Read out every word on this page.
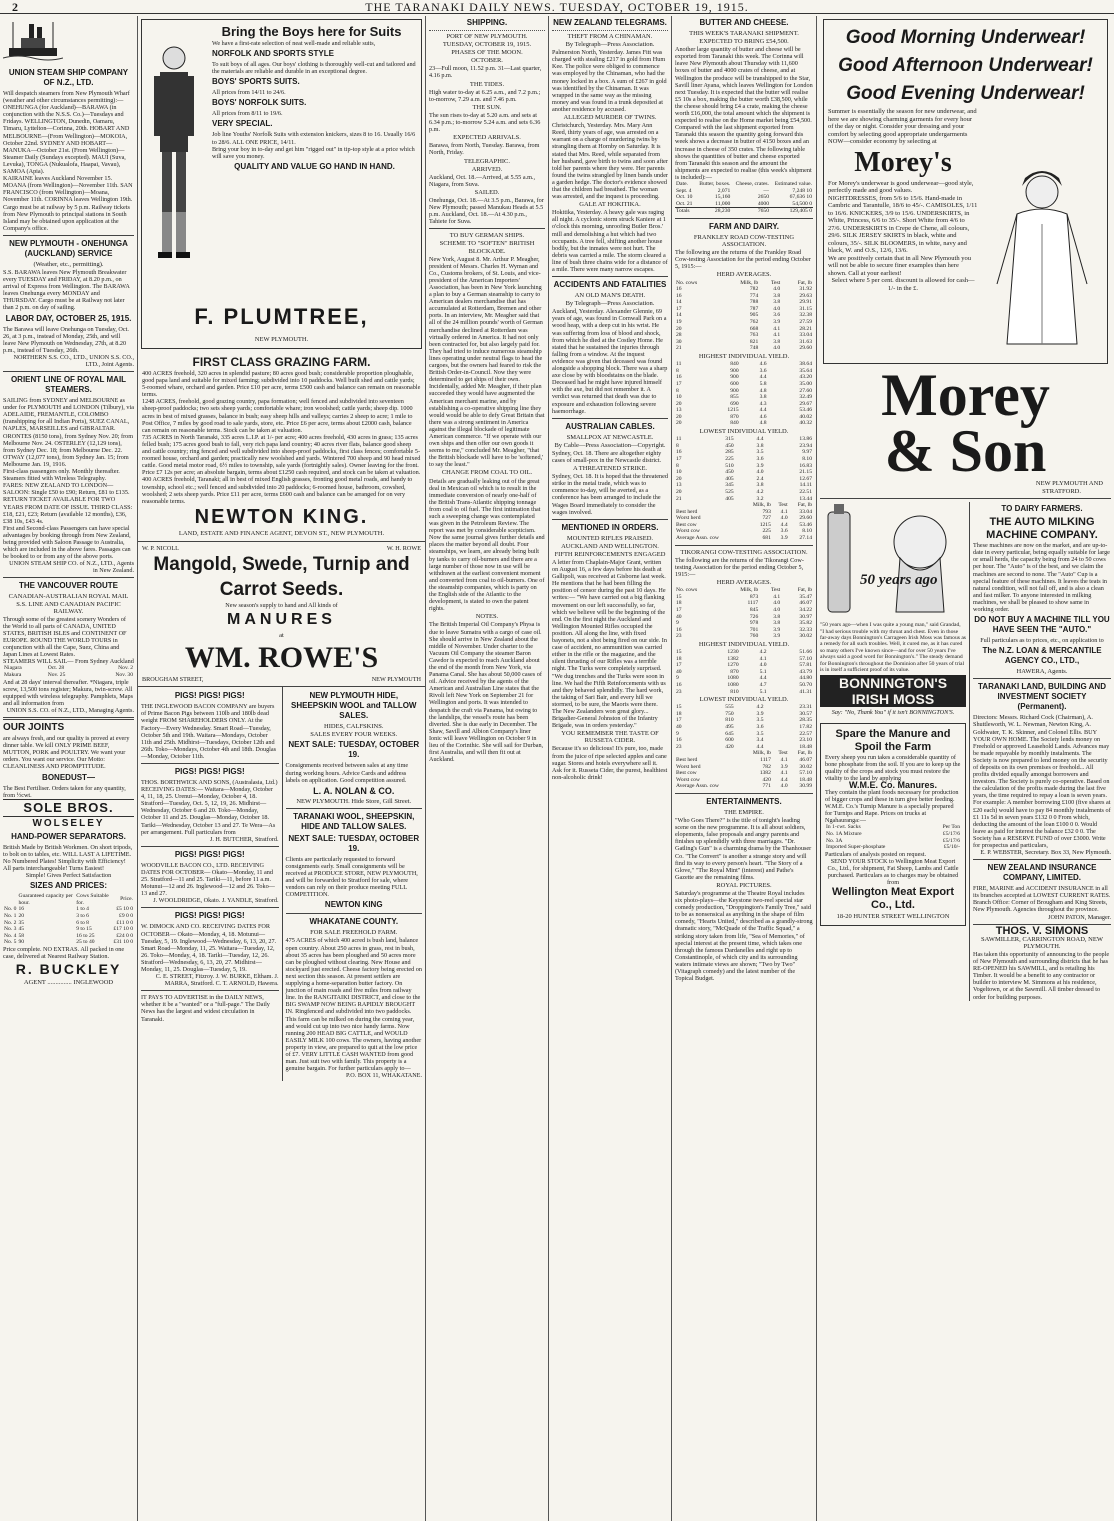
2	THE TARANAKI DAILY NEWS. TUESDAY, OCTOBER 19, 1915.
UNION STEAM SHIP COMPANY OF N.Z., LTD.

Will despatch steamers from New Plymouth Wharf (weather and other circumstances permitting):—

ONEHUNGA (for Auckland)—BARAWA (in conjunction with the N.S.S. Co.)—Tuesdays and Fridays. WELLINGTON, Dunedin, Oamaru, Timaru, Lyttelton—Corinna, 20th. HOBART AND MELBOURNE—(From Wellington)—MOKOIA, October 22nd. SYDNEY AND HOBART—MANUKA—October 21st. (From Wellington)—Steamer Daily (Sundays excepted). MAUI (Suva, Levuka), TONGA (Nukualofa, Haapai, Vavau), SAMOA (Apia).

KAIRAINE leaves Auckland November 15. MOANA (from Wellington)—November 11th. SAN FRANCISCO (from Wellington)—Moana, November 11th. CORINNA leaves Wellington 19th.

Cargo must be at railway by 5 p.m. Railway tickets from New Plymouth to principal stations in South Island may be obtained upon application at the Company's office.

NEW PLYMOUTH - ONEHUNGA (AUCKLAND) SERVICE
(Weather, etc., permitting).

S.S. BARAWA leaves New Plymouth Breakwater every TUESDAY and FRIDAY, at 8.20 p.m., on arrival of Express from Wellington. The BARAWA leaves Onehunga every MONDAY and THURSDAY. Cargo must be at Railway not later than 2 p.m. on day of sailing.

LABOR DAY, OCTOBER 25, 1915.

The Barawa will leave Onehunga on Tuesday, Oct. 26, at 3 p.m., instead of Monday, 25th, and will leave New Plymouth on Wednesday, 27th, at 8.20 p.m., instead of Tuesday, 26th.

NORTHERN S.S. CO., LTD., UNION S.S. CO., LTD., Joint Agents.

ORIENT LINE OF ROYAL MAIL STEAMERS.

SAILING from SYDNEY and MELBOURNE as under for PLYMOUTH and LONDON (Tilbury), via ADELAIDE, FREMANTLE, COLOMBO (transhipping for all Indian Ports), SUEZ CANAL, NAPLES, MARSEILLES and GIBRALTAR.

ORONTES (8150 tons), from Sydney Nov. 20; from Melbourne Nov. 24. OSTERLEY (12,129 tons), from Sydney Dec. 18; from Melbourne Dec. 22. OTWAY (12,077 tons), from Sydney Jan. 15; from Melbourne Jan. 19, 1916.

First-class passengers only. Monthly thereafter. Steamers fitted with Wireless Telegraphy.

FARES: NEW ZEALAND TO LONDON—SALOON: Single £50 to £90; Return, £81 to £135. RETURN TICKET AVAILABLE FOR TWO YEARS FROM DATE OF ISSUE. THIRD CLASS: £18, £21, £23; Return (available 12 months), £36, £38 10s, £43 4s.

First and Second-class Passengers can have special advantages by booking through from New Zealand, being provided with Saloon Passage to Australia, which are included in the above fares. Passages can be booked to or from any of the above ports.

UNION STEAM SHIP CO. of N.Z., LTD., Agents in New Zealand.

THE VANCOUVER ROUTE
CANADIAN-AUSTRALIAN ROYAL MAIL S.S. LINE AND CANADIAN PACIFIC RAILWAY.

Through some of the greatest scenery Wonders of the World to all parts of CANADA, UNITED STATES, BRITISH ISLES and CONTINENT OF EUROPE. ROUND THE WORLD TOURS in conjunction with all the Cape, Suez, China and Japan Lines at Lowest Rates.

STEAMERS WILL SAIL— From Sydney Auckland

Niagara	Oct. 28	Nov. 2
Makura	Nov. 25	Nov. 30

And at 28 days' interval thereafter. *Niagara, triple screw, 13,500 tons register; Makura, twin-screw. All equipped with wireless telegraphy. Pamphlets, Maps and all information from

UNION S.S. CO. of N.Z., LTD., Managing Agents.

OUR JOINTS

are always fresh, and our quality is proved at every dinner table. We kill ONLY PRIME BEEF, MUTTON, PORK and POULTRY. We want your orders. You want our service. Our Motto: CLEANLINESS AND PROMPTITUDE.

BONEDUST—

The Best Fertiliser. Orders taken for any quantity, from ½cwt.

SOLE BROS.
WOLSELEY
HAND-POWER SEPARATORS.

British Made by British Workmen. On short tripods, to bolt on to tables, etc. WILL LAST A LIFETIME. No Numbered Plates! Simplicity with Efficiency! All parts interchangeable! Turns Easiest!

Simple! Gives Perfect Satisfaction

SIZES AND PRICES:
	Guaranteed capacity per hour.	Cows Suitable for.	Price.
No. 0	16	1 to 4	£5 10 0
No. 1	20	3 to 6	£9 0 0
No. 2	35	6 to 8	£11 0 0
No. 3	45	9 to 15	£17 10 0
No. 4	58	16 to 25	£24 0 0
No. 5	90	25 to 40	£31 10 0

Price complete. NO EXTRAS. All packed in one case, delivered at Nearest Railway Station.

R. BUCKLEY
AGENT ............... INGLEWOOD
Bring the Boys here for Suits

We have a first-rate selection of neat well-made and reliable suits,

NORFOLK AND SPORTS STYLE

To suit boys of all ages. Our boys' clothing is thoroughly well-cut and tailored and the materials are reliable and durable in an exceptional degree.

BOYS' SPORTS SUITS.

All prices from 14/11 to 24/6.

BOYS' NORFOLK SUITS.

All prices from 8/11 to 19/6.

VERY SPECIAL.

Job line Youths' Norfolk Suits with extension knickers, sizes 8 to 16. Usually 16/6 to 28/6. ALL ONE PRICE, 14/11.

Bring your boy in to-day and get him "rigged out" in tip-top style at a price which will save you money.

QUALITY AND VALUE GO HAND IN HAND.
F. PLUMTREE,
NEW PLYMOUTH.
FIRST CLASS GRAZING FARM.

400 ACRES freehold, 320 acres in splendid pasture; 80 acres good bush; considerable proportion ploughable, good papa land and suitable for mixed farming; subdivided into 10 paddocks. Well built shed and cattle yards; 5-roomed whare, orchard and garden. Price £10 per acre, terms £500 cash and balance can remain on reasonable terms.

1248 ACRES, freehold, good grazing country, papa formation; well fenced and subdivided into seventeen sheep-proof paddocks; two sets sheep yards; comfortable whare; iron woolshed; cattle yards; sheep dip. 1000 acres in best of mixed grasses, balance in bush; easy sheep hills and valleys; carries 2 sheep to acre; 1 mile to Post Office, 7 miles by good road to sale yards, store, etc. Price £6 per acre, terms about £2000 cash, balance can remain on reasonable terms. Stock can be taken at valuation.

735 ACRES in North Taranaki, 335 acres L.I.P. at 1/- per acre; 400 acres freehold, 430 acres in grass; 135 acres felled bush; 175 acres good bush to fall, very rich papa land country; 40 acres river flats, balance good sheep and cattle country; ring fenced and well subdivided into sheep-proof paddocks, first class fences; comfortable 5-roomed house, orchard and garden; practically new woolshed and yards. Wintered 700 sheep and 90 head mixed cattle. Good metal motor road, 6½ miles to township, sale yards (fortnightly sales). Owner leaving for the front. Price £7 12s per acre; an absolute bargain, terms about £1250 cash required, and stock can be taken at valuation.

400 ACRES freehold, Taranaki; all in best of mixed English grasses, fronting good metal roads, and handy to township, school etc.; well fenced and subdivided into 20 paddocks; 6-roomed house, bathroom, cowshed, woolshed; 2 sets sheep yards. Price £11 per acre, terms £600 cash and balance can be arranged for on very reasonable terms.

NEWTON KING.
LAND, ESTATE AND FINANCE AGENT, DEVON ST., NEW PLYMOUTH.
W. P. NICOLL	W. H. ROWE
Mangold, Swede, Turnip and Carrot Seeds.

New season's supply to hand and All kinds of

MANURES
at
WM. ROWE'S
BROUGHAM STREET,	NEW PLYMOUTH
PIGS! PIGS! PIGS!

THE INGLEWOOD BACON COMPANY are buyers of Prime Bacon Pigs between 110lb and 180lb dead weight FROM SHAREHOLDERS ONLY. At the Factory—Every Wednesday. Smart Road—Tuesday, October 5th and 19th. Waitara—Mondays, October 11th and 25th. Midhirst—Tuesdays, October 12th and 26th. Toko—Mondays, October 4th and 18th. Douglas—Monday, October 11th.

PIGS! PIGS! PIGS!

THOS. BORTHWICK AND SONS, (Australasia, Ltd.) RECEIVING DATES:— Waitara—Monday, October 4, 11, 18, 25. Urenui—Monday, October 4, 18. Stratford—Tuesday, Oct. 5, 12, 19, 26. Midhirst—Wednesday, October 6 and 20. Toko—Monday, October 11 and 25. Douglas—Monday, October 18. Tariki—Wednesday, October 13 and 27. Te Wera—As per arrangement. Full particulars from

J. H. BUTCHER, Stratford.

PIGS! PIGS! PIGS!

WOODVILLE BACON CO., LTD. RECEIVING DATES FOR OCTOBER— Okato—Monday, 11 and 25. Stratford—11 and 25. Tariki—11, before 11 a.m. Motunui—12 and 26. Inglewood—12 and 26. Toko—13 and 27.

J. WOOLDRIDGE, Okato. J. YANDLE, Stratford.

PIGS! PIGS! PIGS!

W. DIMOCK AND CO. RECEIVING DATES FOR OCTOBER— Okato—Monday, 4, 18. Motunui—Tuesday, 5, 19. Inglewood—Wednesday, 6, 13, 20, 27. Smart Road—Monday, 11, 25. Waitara—Tuesday, 12, 26. Toko—Monday, 4, 18. Tariki—Tuesday, 12, 26. Stratford—Wednesday, 6, 13, 20, 27. Midhirst—Monday, 11, 25. Douglas—Tuesday, 5, 19.

C. E. STREET, Fitzroy. J. W. BURKE, Eltham. J. MARRA, Stratford. C. T. ARNOLD, Hawera.

IT PAYS TO ADVERTISE in the DAILY NEWS, whether it be a "wanted" or a "full-page." The Daily News has the largest and widest circulation in Taranaki.

NEW PLYMOUTH HIDE, SHEEPSKIN WOOL and TALLOW SALES.
HIDES, CALFSKINS.
SALES EVERY FOUR WEEKS.
NEXT SALE: TUESDAY, OCTOBER 19.

Consignments received between sales at any time during working hours. Advice Cards and address labels on application. Good competition assured.

L. A. NOLAN & CO.
NEW PLYMOUTH. Hide Store, Gill Street.
TARANAKI WOOL, SHEEPSKIN, HIDE AND TALLOW SALES.
NEXT SALE: TUESDAY, OCTOBER 19.

Clients are particularly requested to forward consignments early. Small consignments will be received at PRODUCE STORE, NEW PLYMOUTH, and will be forwarded to Stratford for sale, where vendors can rely on their produce meeting FULL COMPETITION.

NEWTON KING
WHAKATANE COUNTY.
FOR SALE FREEHOLD FARM.

475 ACRES of which 400 acred is bush land, balance open country. About 250 acres in grass, rest in bush, about 35 acres has been ploughed and 50 acres more can be ploughed without clearing. New House and stockyard just erected. Cheese factory being erected on next section this season. At present settlers are supplying a home-separation butter factory. On junction of main roads and five miles from railway line. In the RANGITAIKI DISTRICT, and close to the BIG SWAMP NOW BEING RAPIDLY BROUGHT IN. Ringfenced and subdivided into two paddocks. This farm can be milked on during the coming year, and would cut up into two nice handy farms. Now running 200 HEAD BIG CATTLE, and WOULD EASILY MILK 100 cows. The owners, having another property in view, are prepared to quit at the low price of £7. VERY LITTLE CASH WANTED from good man. Just suit two with family. This property is a genuine bargain. For further particulars apply to—

P.O. BOX 11, WHAKATANE.

SHIPPING.
PORT OF NEW PLYMOUTH.
TUESDAY, OCTOBER 19, 1915.
PHASES OF THE MOON.
OCTOBER.

23—Full moon, 11.52 p.m. 31—Last quarter, 4.16 p.m.

THE TIDES.

High water to-day at 6.25 a.m., and 7.2 p.m.; to-morrow, 7.29 a.m. and 7.46 p.m.

THE SUN.

The sun rises to-day at 5.20 a.m. and sets at 6.34 p.m.; to-morrow 5.24 a.m. and sets 6.36 p.m.

EXPECTED ARRIVALS.

Barawa, from North, Tuesday. Barawa, from North, Friday.

TELEGRAPHIC.
ARRIVED.

Auckland, Oct. 18.—Arrived, at 5.55 a.m., Niagara, from Suva.

SAILED.

Onehunga, Oct. 18.—At 3.5 p.m., Barawa, for New Plymouth; passed Manukau Heads at 5.5 p.m. Auckland, Oct. 18.—At 4.30 p.m., Tahiete for Suva.

TO BUY GERMAN SHIPS.
SCHEME TO "SOFTEN" BRITISH BLOCKADE.

New York, August 8. Mr. Arthur P. Meagher, president of Messrs. Charles H. Wyman and Co., Customs brokers, of St. Louis, and vice-president of the American Importers' Association, has been in New York launching a plan to buy a German steamship to carry to American dealers merchandise that has accumulated at Rotterdam, Bremen and other ports. In an interview, Mr. Meagher said that all of the 24 million pounds' worth of German merchandise declined at Rotterdam was virtually ordered in America. It had not only been contracted for, but also largely paid for. They had tried to induce numerous steamship lines operating under neutral flags to head the cargoes, but the owners had feared to risk the British Order-in-Council. Now they were determined to get ships of their own. Incidentally, added Mr. Meagher, if their plan succeeded they would have augmented the American merchant marine, and by establishing a co-operative shipping line they would would be able to defy Great Britain that there was a strong sentiment in America against the illegal blockade of legitimate American commerce. "If we operate with our own ships and then offer our own goods it seems to me," concluded Mr. Meagher, "that the British blockade will have to be 'softened,' to say the least."

CHANGE FROM COAL TO OIL.

Details are gradually leaking out of the great deal in Mexican oil which is to result in the immediate conversion of nearly one-half of the British Trans-Atlantic shipping tonnage from coal to oil fuel. The first intimation that such a sweeping change was contemplated was given in the Petroleum Review. The report was met by considerable scepticism. Now the same journal gives further details and places the matter beyond all doubt. Four steamships, we learn, are already being built by tanks to carry oil-burners and there are a large number of those now in use will be withdrawn at the earliest convenient moment and converted from coal to oil-burners. One of the steamship companies, which is party on the English side of the Atlantic to the development, is stated to own the patent rights.

NOTES.

The British Imperial Oil Company's Physa is due to leave Sumatra with a cargo of case oil. She should arrive in New Zealand about the middle of November. Under charter to the Vacuum Oil Company the steamer Baron Cawdor is expected to reach Auckland about the end of the month from New York, via Panama Canal. She has about 50,000 cases of oil. Advice received by the agents of the American and Australian Line states that the Rivoli left New York on September 21 for Wellington and ports. It was intended to despatch the craft via Panama, but owing to the landslips, the vessel's route has been diverted. She is due early in December. The Shaw, Savill and Albion Company's liner Ionic will leave Wellington on October 9 in lieu of the Corinthic. She will sail for Durban, first Australia, and will then fit out at Auckland.

NEW ZEALAND TELEGRAMS.
THEFT FROM A CHINAMAN.
By Telegraph—Press Association.

Palmerston North, Yesterday. James Fitt was charged with stealing £217 in gold from Hum Kee. The police were obliged to commence was employed by the Chinaman, who had the money locked in a box. A sum of £267 in gold was identified by the Chinaman. It was wrapped in the same way as the missing money and was found in a trunk deposited at another residence by accused.

ALLEGED MURDER OF TWINS.

Christchurch, Yesterday. Mrs. Mary Ann Reed, thirty years of age, was arrested on a warrant on a charge of murdering twins by strangling them at Hornby on Saturday. It is stated that Mrs. Reed, while separated from her husband, gave birth to twins and soon after told her parents where they were. Her parents found the twins strangled by linen bands under a garden hedge. The doctor's evidence showed that the children had breathed. The woman was arrested, and the inquest is proceeding.

GALE AT HOKITIKA.

Hokitika, Yesterday. A heavy gale was raging all night. A cyclonic storm struck Kaniere at 1 o'clock this morning, unroofing Butler Bros.' mill and demolishing a hut which had two occupants. A tree fell, shifting another house bodily, but the inmates were not hurt. The debris was carried a mile. The storm cleared a line of bush three chains wide for a distance of a mile. There were many narrow escapes.

ACCIDENTS AND FATALITIES
AN OLD MAN'S DEATH.
By Telegraph—Press Association.

Auckland, Yesterday. Alexander Glennie, 69 years of age, was found in Cornwall Park on a wood heap, with a deep cut in his wrist. He was suffering from loss of blood and shock, from which he died at the Costley Home. He stated that he sustained the injuries through falling from a window. At the inquest evidence was given that deceased was found alongside a shopping block. There was a sharp axe close by with bloodstains on the blade. Deceased had he might have injured himself with the axe, but did not remember it. A verdict was returned that death was due to exposure and exhaustion following severe haemorrhage.

AUSTRALIAN CABLES.
SMALLPOX AT NEWCASTLE.
By Cable—Press Association—Copyright.

Sydney, Oct. 18. There are altogether eighty cases of small-pox in the Newcastle district.

A THREATENED STRIKE.

Sydney, Oct. 18. It is hoped that the threatened strike in the metal trade, which was to commence to-day, will be averted, as a conference has been arranged to include the Wages Board immediately to consider the wages involved.

MENTIONED IN ORDERS.
MOUNTED RIFLES PRAISED.
AUCKLAND AND WELLINGTON.
FIFTH REINFORCEMENTS ENGAGED

A letter from Chaplain-Major Grant, written on August 16, a few days before his death at Gallipoli, was received at Gisborne last week. He mentions that he had been filling the position of censor during the past 10 days. He writes:— "We have carried out a big flanking movement on our left successfully, so far, which we believe will be the beginning of the end. On the first night the Auckland and Wellington Mounted Rifles occupied the position. All along the line, with fixed bayonets, not a shot being fired on our side. In case of accident, no ammunition was carried either in the rifle or the magazine, and the silent thrusting of our Rifles was a terrible night. The Turks were completely surprised. "We dug trenches and the Turks were soon in line. We had the Fifth Reinforcements with us and they behaved splendidly. The hard work, the taking of Sari Bair, and every hill we stormed, to be sure, the Maoris were there. The New Zealanders won great glory... Brigadier-General Johnston of the Infantry Brigade, was in orders yesterday."

YOU REMEMBER THE TASTE OF RUSSETA CIDER.

Because it's so delicious! It's pure, too, made from the juice of ripe selected apples and cane sugar. Stores and hotels everywhere sell it. Ask for it. Russeta Cider, the purest, healthiest non-alcoholic drink!

BUTTER AND CHEESE.
THIS WEEK'S TARANAKI SHIPMENT.
EXPECTED TO BRING £54,500.

Another large quantity of butter and cheese will be exported from Taranaki this week. The Corinna will leave New Plymouth about Thursday with 11,600 boxes of butter and 4000 crates of cheese, and at Wellington the produce will be transhipped to the Star, Savill liner Ayana, which leaves Wellington for London next Tuesday. It is expected that the butter will realise £5 10s a box, making the butter worth £38,500, while the cheese should bring £4 a crate, making the cheese worth £16,000, the total amount which the shipment is expected to realise on the Home market being £54,500. Compared with the last shipment exported from Taranaki this season the quantity going forward this week shows a decrease in butter of 4150 boxes and an increase in cheese of 350 crates. The following table shows the quantities of butter and cheese exported from Taranaki this season and the amount the shipments are expected to realise (this week's shipment is included):—

Date.	Butter, boxes.	Cheese, crates.	Estimated value.
Sept. 4	2,071	—	7,248 10
Oct. 10	15,160	2650	67,636 10
Oct. 21	11,000	4000	54,500 0
Totals	28,230	7650	129,405 0
FARM AND DAIRY.
FRANKLEY ROAD COW-TESTING ASSOCIATION.

The following are the returns of the Frankley Road Cow-testing Association for the period ending October 5, 1915:—

HERD AVERAGES.
No. cows	Milk, lb	Test	Fat, lb
16	782	4.0	31.92
16	774	3.8	29.63
14	788	3.8	29.91
17	787	4.0	31.15
14	905	3.6	32.38
19	762	3.9	27.59
20	668	4.1	28.21
28	763	4.1	33.04
30	821	3.8	31.63
21	748	4.0	29.60
HIGHEST INDIVIDUAL YIELD.
11	840	4.6	38.64
8	900	3.6	35.64
16	900	4.4	43.20
17	600	5.8	35.00
8	900	4.8	27.60
10	855	3.8	32.49
20	690	4.3	29.67
13	1215	4.4	53.46
20	870	4.6	40.02
20	840	4.8	40.32
LOWEST INDIVIDUAL YIELD.
11	315	4.4	13.86
8	450	3.8	23.94
16	285	3.5	9.97
17	225	3.6	8.10
8	510	3.9	16.83
10	450	4.0	21.15
20	405	2.4	12.67
13	345	3.8	14.11
20	525	4.2	22.51
21	405	3.2	13.44
	Milk, lb	Test	Fat, lb
Best herd	793	4.1	33.04
Worst herd	727	4.0	29.60
Best cow	1215	4.4	53.46
Worst cow	225	3.6	8.10
Average Assn. cow	681	3.9	27.14
TIKORANGI COW-TESTING ASSOCIATION.

The following are the returns of the Tikorangi Cow-testing Association for the period ending October 5, 1915:—

HERD AVERAGES.
No. cows	Milk, lb	Test	Fat, lb
15	873	4.1	35.47
18	1117	4.0	46.07
17	845	4.0	34.22
40	726	3.8	30.97
9	978	3.8	35.82
16	701	3.9	32.33
23	760	3.9	30.02
HIGHEST INDIVIDUAL YIELD.
15	1230	4.2	51.66
18	1382	4.1	57.10
17	1270	4.0	57.81
40	870	5.1	43.79
9	1080	4.4	44.80
16	1080	4.7	50.70
23	810	5.1	41.31
LOWEST INDIVIDUAL YIELD.
15	555	4.2	23.31
18	750	3.9	30.57
17	810	3.5	28.35
40	495	3.6	17.82
9	645	3.5	22.57
16	600	3.4	23.10
23	420	4.4	18.48
	Milk, lb	Test	Fat, lb
Best herd	1117	4.1	46.07
Worst herd	782	3.9	30.02
Best cow	1382	4.1	57.10
Worst cow	420	4.4	18.48
Average Assn. cow	771	4.0	30.99
ENTERTAINMENTS.
THE EMPIRE.

"Who Goes There?" is the title of tonight's leading scene on the new programme. It is all about soldiers, elopements, false proposals and angry parents and finishes up splendidly with three marriages. "Dr. Gatling's Gun" is a charming drama by the Thanhouser Co. "The Convert" is another a strange story and will find its way to every person's heart. "The Story of a Glove," "The Royal Mint" (interest) and Pathe's Gazette are the remaining films.

ROYAL PICTURES.

Saturday's programme at the Theatre Royal includes six photo-plays—the Keystone two-reel special star comedy production, "Droppington's Family Tree," said to be as nonsensical as anything in the shape of film comedy, "Hearts United," described as a grandly-strong dramatic story, "McQuade of the Traffic Squad," a striking story taken from life, "Sea of Memories," of special interest at the present time, which takes one through the famous Dardanelles and right up to Constantinople, of which city and its surrounding waters intimate views are shown; "Two by Two" (Vitagraph comedy) and the latest number of the Topical Budget.

Good Morning Underwear!
Good Afternoon Underwear!
Good Evening Underwear!

Summer is essentially the season for new underwear, and here we are showing charming garments for every hour of the day or night. Consider your dressing and your comfort by selecting good appropriate undergarments NOW—consider economy by selecting at

Morey's

For Morey's underwear is good underwear—good style, perfectly made and good values.

NIGHTDRESSES, from 5/6 to 15/6. Hand-made in Cambric and Tarantulle, 18/6 to 45/-. CAMISOLES, 1/11 to 16/6. KNICKERS, 3/9 to 15/6. UNDERSKIRTS, in White, Princess, 6/6 to 35/-. Short White from 4/6 to 27/6. UNDERSKIRTS in Crepe de Chene, all colours, 29/6. SILK JERSEY SKIRTS in black, white and colours, 35/-. SILK BLOOMERS, in white, navy and black, W. and O.S., 12/6, 13/6.

We are positively certain that in all New Plymouth you will not be able to secure finer examples than here shown. Call at your earliest!

Select where 5 per cent. discount is allowed for cash—1/- in the £.

Morey
& Son
NEW PLYMOUTH AND
STRATFORD.
50 years ago

"50 years ago—when I was quite a young man," said Grandad, "I had serious trouble with my throat and chest. Even in those far-away days Bonnington's Carrageen Irish Moss was famous as a remedy for all such troubles. Well, it cured me, as it has cured so many others I've known since—and for over 50 years I've always said a good word for Bonnington's." The steady demand for Bonnington's throughout the Dominion after 50 years of trial is in itself a sufficient proof of its value.

BONNINGTON'S IRISH MOSS

Say: "No, Thank You" if it isn't BONNINGTON'S.

Spare the Manure and Spoil the Farm

Every sheep you run takes a considerable quantity of bone phosphate from the soil. If you are to keep up the quality of the crops and stock you must restore the vitality to the land by applying

W.M.E. Co. Manures.

They contain the plant foods necessary for production of bigger crops and these in turn give better feeding.

W.M.E. Co.'s Turnip Manure is a specially prepared for Turnips and Rape. Prices on trucks at Ngahauranga:—

In 1-cwt. Sacks	Per Ton
No. 1A Mixture	£5/17/6
No. 3A	£5/17/6
Imported Super-phosphate	£5/10/-

Particulars of analysis posted on request.

SEND YOUR STOCK to Wellington Meat Export Co., Ltd., for shipment, Fat Sheep, Lambs and Cattle purchased. Particulars as to charges may be obtained from

Wellington Meat Export Co., Ltd.
18-20 HUNTER STREET WELLINGTON
TO DAIRY FARMERS.
THE AUTO MILKING MACHINE COMPANY.

These machines are now on the market, and are up-to-date in every particular, being equally suitable for large or small herds, the capacity being from 24 to 50 cows per hour. The "Auto" is of the best, and we claim the machines are second to none. The "Auto" Cup is a special feature of these machines. It leaves the teats in natural condition, will not fall off, and is also a clean and fast milker. To anyone interested in milking machines, we shall be pleased to show same in working order.

DO NOT BUY A MACHINE TILL YOU HAVE SEEN THE "AUTO."

Full particulars as to prices, etc., on application to

The N.Z. LOAN & MERCANTILE AGENCY CO., LTD.,
HAWERA, Agents.
TARANAKI LAND, BUILDING AND INVESTMENT SOCIETY (Permanent).

Directors: Messrs. Richard Cock (Chairman), A. Shuttleworth, W. L. Newman, Newton King, A. Goldwater, T. K. Skinner, and Colonel Ellis. BUY YOUR OWN HOME. The Society lends money on Freehold or approved Leasehold Lands. Advances may be made repayable by monthly instalments. The Society is now prepared to lend money on the security of deposits on its own premises or freehold... All profits divided equally amongst borrowers and investors. The Society is purely co-operative. Based on the calculation of the profits made during the last five years, the time required to repay a loan is seven years. For example: A member borrowing £100 (five shares at £20 each) would have to pay 84 monthly instalments of £1 11s 5d in seven years £132 0 0 From which, deducting the amount of the loan £100 0 0. Would leave as paid for interest the balance £32 0 0. The Society has a RESERVE FUND of over £3000. Write for prospectus and particulars,

E. P. WEBSTER, Secretary. Box 33, New Plymouth.

NEW ZEALAND INSURANCE COMPANY, LIMITED.

FIRE, MARINE and ACCIDENT INSURANCE in all its branches accepted at LOWEST CURRENT RATES. Branch Office: Corner of Brougham and King Streets, New Plymouth. Agencies throughout the province.

JOHN PATON, Manager.

THOS. V. SIMONS
SAWMILLER, CARRINGTON ROAD, NEW PLYMOUTH.

Has taken this opportunity of announcing to the people of New Plymouth and surrounding districts that he has RE-OPENED his SAWMILL, and is retailing his Timber. It would be a benefit to any contractor or builder to interview M. Simmons at his residence, Vogeltown, or at the Sawmill. All timber dressed to order for building purposes.
